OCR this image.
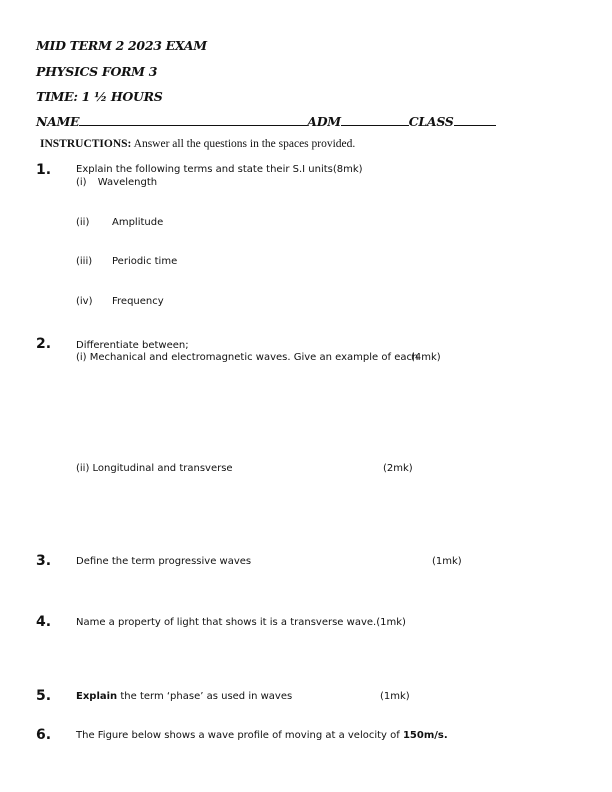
MID TERM 2 2023 EXAM
PHYSICS FORM 3
TIME: 1 ½ HOURS
NAME	ADM	CLASS
INSTRUCTIONS: Answer all the questions in the spaces provided.
1. Explain the following terms and state their S.I units(8mk)
(i) Wavelength
(ii) Amplitude
(iii) Periodic time
(iv) Frequency
2. Differentiate between;
(i) Mechanical and electromagnetic waves. Give an example of each
(4mk)
(ii) Longitudinal and transverse	(2mk)
3. Define the term progressive waves	(1mk)
4. Name a property of light that shows it is a transverse wave.(1mk)
5. Explain the term ‘phase’ as used in waves	(1mk)
6. The Figure below shows a wave profile of moving at a velocity of 150m/s.
